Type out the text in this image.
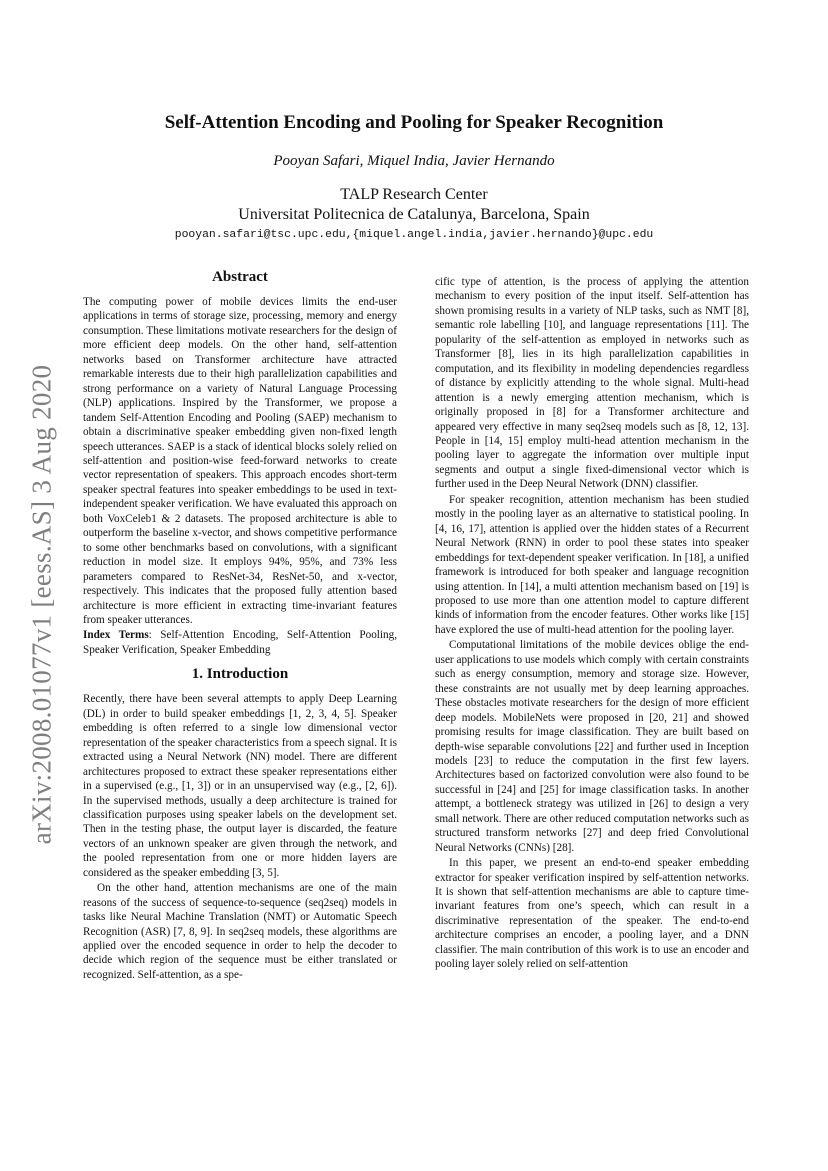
arXiv:2008.01077v1 [eess.AS] 3 Aug 2020
Self-Attention Encoding and Pooling for Speaker Recognition
Pooyan Safari, Miquel India, Javier Hernando
TALP Research Center
Universitat Politecnica de Catalunya, Barcelona, Spain
pooyan.safari@tsc.upc.edu,{miquel.angel.india,javier.hernando}@upc.edu
Abstract

The computing power of mobile devices limits the end-user applications in terms of storage size, processing, memory and energy consumption. These limitations motivate researchers for the design of more efficient deep models. On the other hand, self-attention networks based on Transformer architecture have attracted remarkable interests due to their high parallelization capabilities and strong performance on a variety of Natural Language Processing (NLP) applications. Inspired by the Transformer, we propose a tandem Self-Attention Encoding and Pooling (SAEP) mechanism to obtain a discriminative speaker embedding given non-fixed length speech utterances. SAEP is a stack of identical blocks solely relied on self-attention and position-wise feed-forward networks to create vector representation of speakers. This approach encodes short-term speaker spectral features into speaker embeddings to be used in text-independent speaker verification. We have evaluated this approach on both VoxCeleb1 & 2 datasets. The proposed architecture is able to outperform the baseline x-vector, and shows competitive performance to some other benchmarks based on convolutions, with a significant reduction in model size. It employs 94%, 95%, and 73% less parameters compared to ResNet-34, ResNet-50, and x-vector, respectively. This indicates that the proposed fully attention based architecture is more efficient in extracting time-invariant features from speaker utterances.

Index Terms: Self-Attention Encoding, Self-Attention Pooling, Speaker Verification, Speaker Embedding

1. Introduction

Recently, there have been several attempts to apply Deep Learning (DL) in order to build speaker embeddings [1, 2, 3, 4, 5]. Speaker embedding is often referred to a single low dimensional vector representation of the speaker characteristics from a speech signal. It is extracted using a Neural Network (NN) model. There are different architectures proposed to extract these speaker representations either in a supervised (e.g., [1, 3]) or in an unsupervised way (e.g., [2, 6]). In the supervised methods, usually a deep architecture is trained for classification purposes using speaker labels on the development set. Then in the testing phase, the output layer is discarded, the feature vectors of an unknown speaker are given through the network, and the pooled representation from one or more hidden layers are considered as the speaker embedding [3, 5].

On the other hand, attention mechanisms are one of the main reasons of the success of sequence-to-sequence (seq2seq) models in tasks like Neural Machine Translation (NMT) or Automatic Speech Recognition (ASR) [7, 8, 9]. In seq2seq models, these algorithms are applied over the encoded sequence in order to help the decoder to decide which region of the sequence must be either translated or recognized. Self-attention, as a spe-

cific type of attention, is the process of applying the attention mechanism to every position of the input itself. Self-attention has shown promising results in a variety of NLP tasks, such as NMT [8], semantic role labelling [10], and language representations [11]. The popularity of the self-attention as employed in networks such as Transformer [8], lies in its high parallelization capabilities in computation, and its flexibility in modeling dependencies regardless of distance by explicitly attending to the whole signal. Multi-head attention is a newly emerging attention mechanism, which is originally proposed in [8] for a Transformer architecture and appeared very effective in many seq2seq models such as [8, 12, 13]. People in [14, 15] employ multi-head attention mechanism in the pooling layer to aggregate the information over multiple input segments and output a single fixed-dimensional vector which is further used in the Deep Neural Network (DNN) classifier.

For speaker recognition, attention mechanism has been studied mostly in the pooling layer as an alternative to statistical pooling. In [4, 16, 17], attention is applied over the hidden states of a Recurrent Neural Network (RNN) in order to pool these states into speaker embeddings for text-dependent speaker verification. In [18], a unified framework is introduced for both speaker and language recognition using attention. In [14], a multi attention mechanism based on [19] is proposed to use more than one attention model to capture different kinds of information from the encoder features. Other works like [15] have explored the use of multi-head attention for the pooling layer.

Computational limitations of the mobile devices oblige the end-user applications to use models which comply with certain constraints such as energy consumption, memory and storage size. However, these constraints are not usually met by deep learning approaches. These obstacles motivate researchers for the design of more efficient deep models. MobileNets were proposed in [20, 21] and showed promising results for image classification. They are built based on depth-wise separable convolutions [22] and further used in Inception models [23] to reduce the computation in the first few layers. Architectures based on factorized convolution were also found to be successful in [24] and [25] for image classification tasks. In another attempt, a bottleneck strategy was utilized in [26] to design a very small network. There are other reduced computation networks such as structured transform networks [27] and deep fried Convolutional Neural Networks (CNNs) [28].

In this paper, we present an end-to-end speaker embedding extractor for speaker verification inspired by self-attention networks. It is shown that self-attention mechanisms are able to capture time-invariant features from one’s speech, which can result in a discriminative representation of the speaker. The end-to-end architecture comprises an encoder, a pooling layer, and a DNN classifier. The main contribution of this work is to use an encoder and pooling layer solely relied on self-attention
